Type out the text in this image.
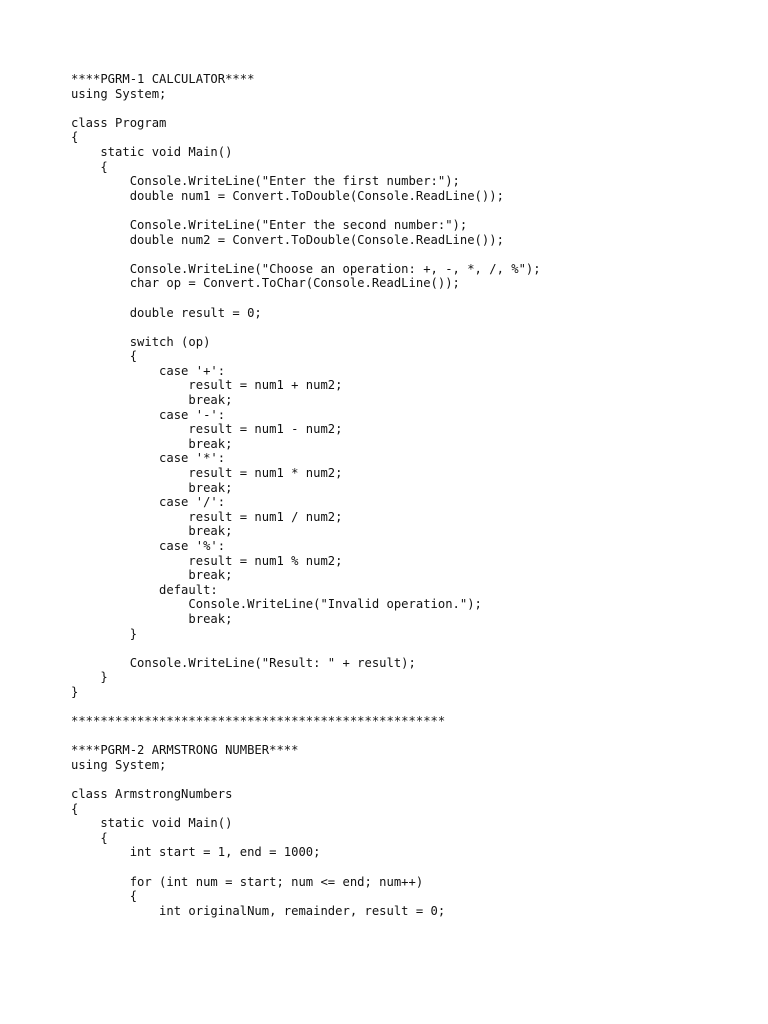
****PGRM-1 CALCULATOR****
using System;
class Program
{
static void Main()
{
Console.WriteLine("Enter the first number:");
double num1 = Convert.ToDouble(Console.ReadLine());
Console.WriteLine("Enter the second number:");
double num2 = Convert.ToDouble(Console.ReadLine());
Console.WriteLine("Choose an operation: +, -, *, /, %");
char op = Convert.ToChar(Console.ReadLine());
double result = 0;
switch (op)
{
case '+':
result = num1 + num2;
break;
case '-':
result = num1 - num2;
break;
case '*':
result = num1 * num2;
break;
case '/':
result = num1 / num2;
break;
case '%':
result = num1 % num2;
break;
default:
Console.WriteLine("Invalid operation.");
break;
}
Console.WriteLine("Result: " + result);
}
}
***************************************************
****PGRM-2 ARMSTRONG NUMBER****
using System;
class ArmstrongNumbers
{
static void Main()
{
int start = 1, end = 1000;
for (int num = start; num <= end; num++)
{
int originalNum, remainder, result = 0;
